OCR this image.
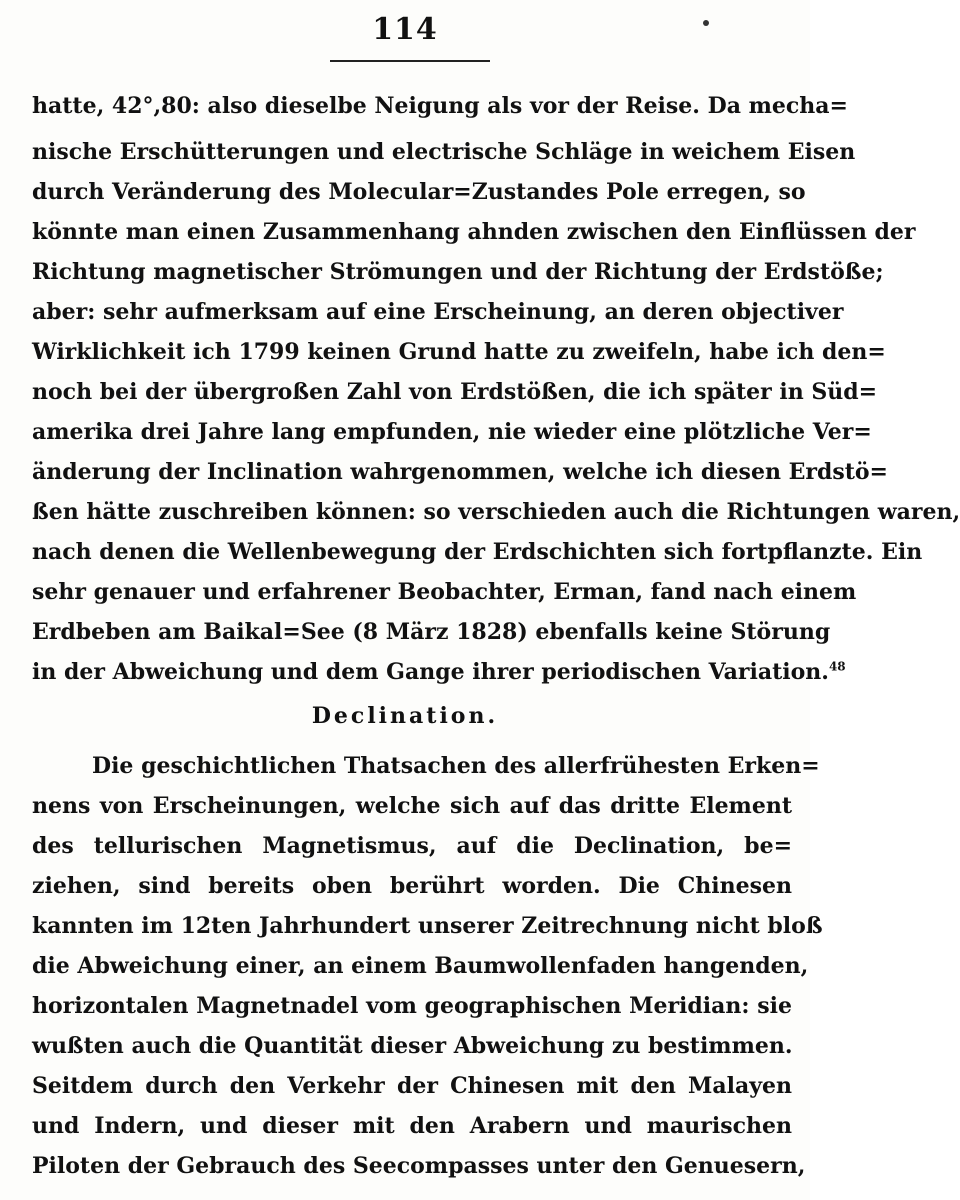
114
hatte, 42°,80: also dieselbe Neigung als vor der Reise. Da mecha=
nische Erschütterungen und electrische Schläge in weichem Eisen
durch Veränderung des Molecular=Zustandes Pole erregen, so
könnte man einen Zusammenhang ahnden zwischen den Einflüssen der
Richtung magnetischer Strömungen und der Richtung der Erdstöße;
aber: sehr aufmerksam auf eine Erscheinung, an deren objectiver
Wirklichkeit ich 1799 keinen Grund hatte zu zweifeln, habe ich den=
noch bei der übergroßen Zahl von Erdstößen, die ich später in Süd=
amerika drei Jahre lang empfunden, nie wieder eine plötzliche Ver=
änderung der Inclination wahrgenommen, welche ich diesen Erdstö=
ßen hätte zuschreiben können: so verschieden auch die Richtungen waren,
nach denen die Wellenbewegung der Erdschichten sich fortpflanzte. Ein
sehr genauer und erfahrener Beobachter, Erman, fand nach einem
Erdbeben am Baikal=See (8 März 1828) ebenfalls keine Störung
in der Abweichung und dem Gange ihrer periodischen Variation.$^{48}$
Declination.
Die geschichtlichen Thatsachen des allerfrühesten Erken=
nens von Erscheinungen, welche sich auf das dritte Element
des tellurischen Magnetismus, auf die Declination, be=
ziehen, sind bereits oben berührt worden. Die Chinesen
kannten im 12ten Jahrhundert unserer Zeitrechnung nicht bloß
die Abweichung einer, an einem Baumwollenfaden hangenden,
horizontalen Magnetnadel vom geographischen Meridian: sie
wußten auch die Quantität dieser Abweichung zu bestimmen.
Seitdem durch den Verkehr der Chinesen mit den Malayen
und Indern, und dieser mit den Arabern und maurischen
Piloten der Gebrauch des Seecompasses unter den Genuesern,
